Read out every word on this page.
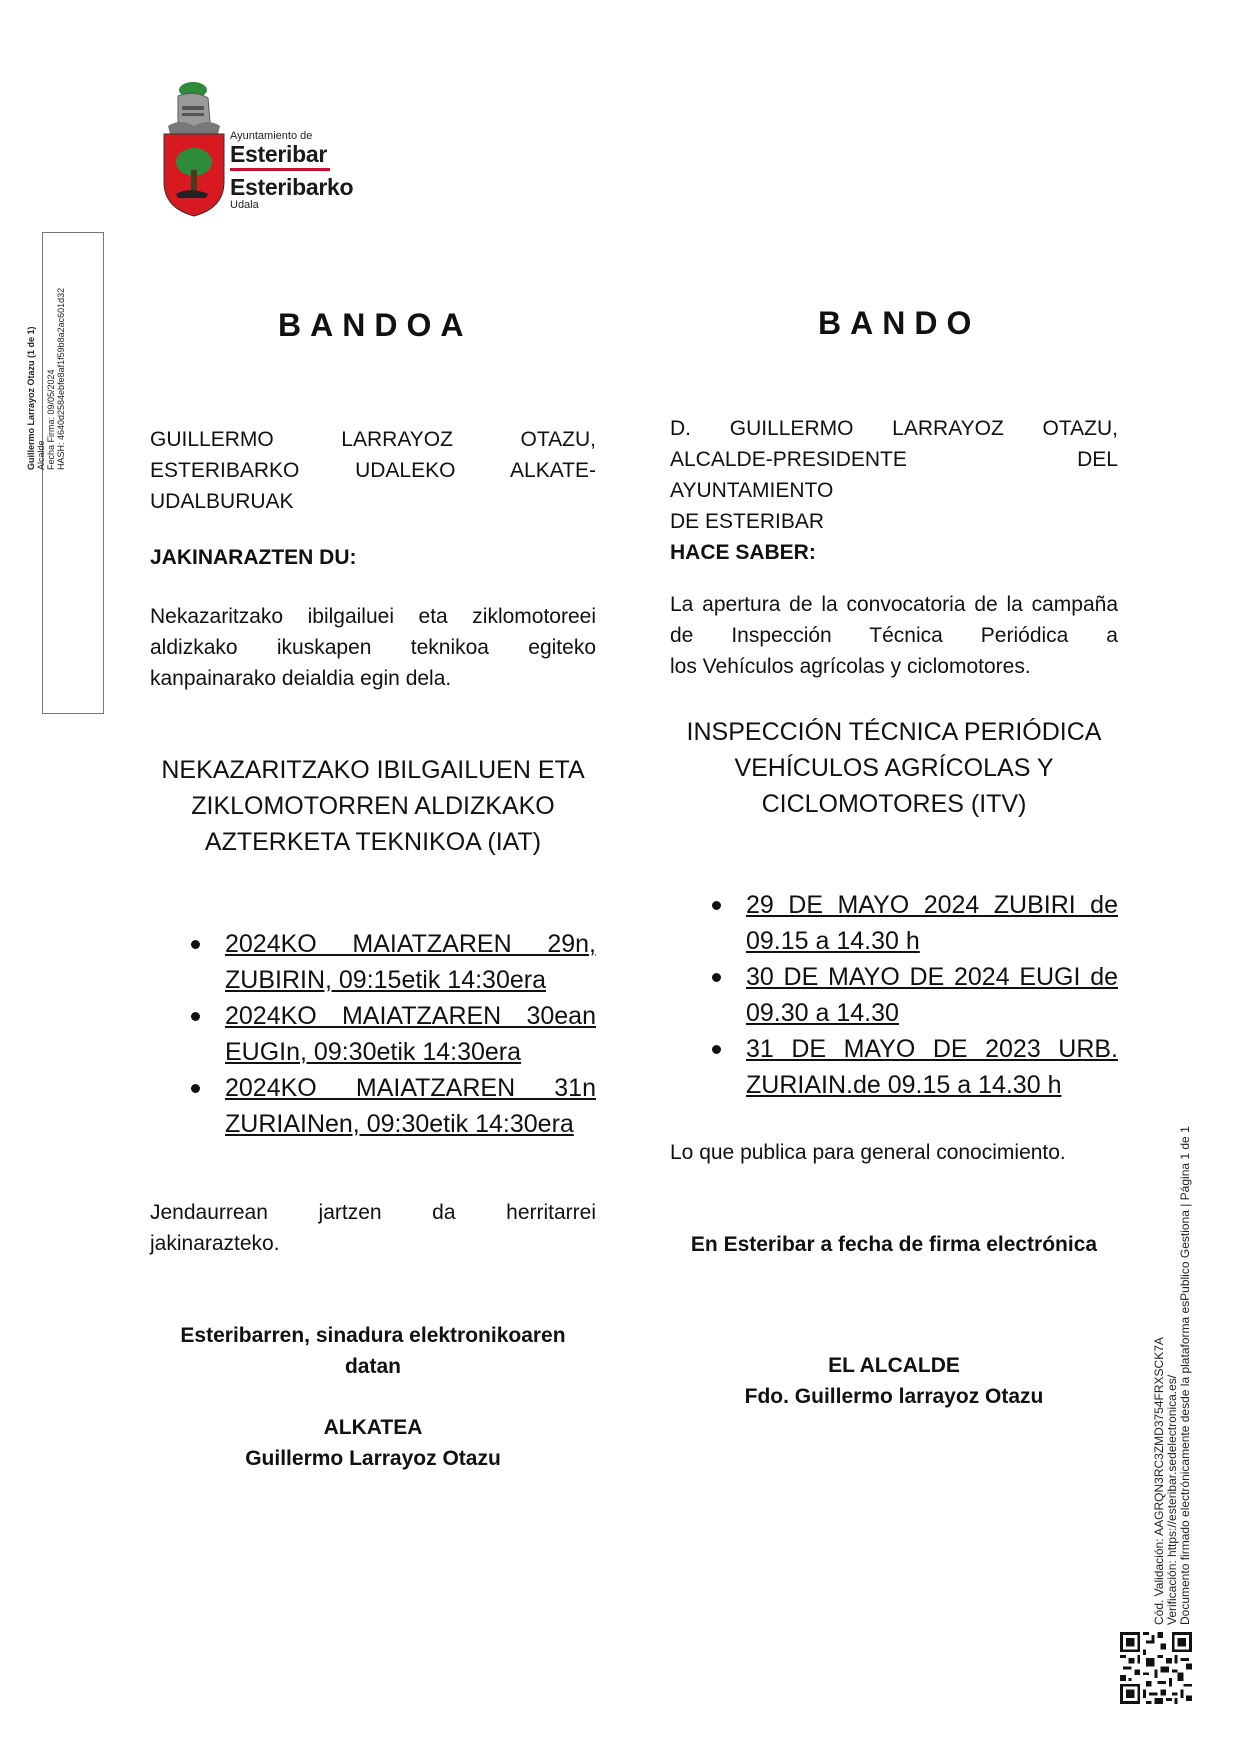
Ayuntamiento de
Esteribar
Esteribarko
Udala
Guillermo Larrayoz Otazu (1 de 1) Alcalde Fecha Firma: 09/05/2024 HASH: 4640d2584ebfe8af1f59b8a2ac601d32	BANDOA
GUILLERMO LARRAYOZ OTAZU, ESTERIBARKO UDALEKO ALKATE-
UDALBURUAK
JAKINARAZTEN DU:
Nekazaritzako ibilgailuei eta ziklomotoreei aldizkako ikuskapen teknikoa egiteko
kanpainarako deialdia egin dela.
NEKAZARITZAKO IBILGAILUEN ETA
ZIKLOMOTORREN ALDIZKAKO
AZTERKETA TEKNIKOA (IAT)
2024KO MAIATZAREN 29n,
ZUBIRIN, 09:15etik 14:30era
2024KO MAIATZAREN 30ean
EUGIn, 09:30etik 14:30era
2024KO MAIATZAREN 31n
ZURIAINen, 09:30etik 14:30era
Jendaurrean jartzen da herritarrei
jakinarazteko.
Esteribarren, sinadura elektronikoaren
datan
ALKATEA
Guillermo Larrayoz Otazu
BANDO
D. GUILLERMO LARRAYOZ OTAZU,
ALCALDE-PRESIDENTE DEL AYUNTAMIENTO
DE ESTERIBAR
HACE SABER:
La apertura de la convocatoria de la campaña de Inspección Técnica Periódica a
los Vehículos agrícolas y ciclomotores.
INSPECCIÓN TÉCNICA PERIÓDICA
VEHÍCULOS AGRÍCOLAS Y
CICLOMOTORES (ITV)
29 DE MAYO 2024 ZUBIRI de
09.15 a 14.30 h
30 DE MAYO DE 2024 EUGI de
09.30 a 14.30
31 DE MAYO DE 2023 URB.
ZURIAIN.de 09.15 a 14.30 h
Lo que publica para general conocimiento.
En Esteribar a fecha de firma electrónica
EL ALCALDE
Fdo. Guillermo larrayoz Otazu	Cód. Validación: AAGRQN3RC3ZMD3754FRXSCK7A Verificación: https://esteribar.sedelectronica.es/ Documento firmado electrónicamente desde la plataforma esPublico Gestiona | Página 1 de 1
